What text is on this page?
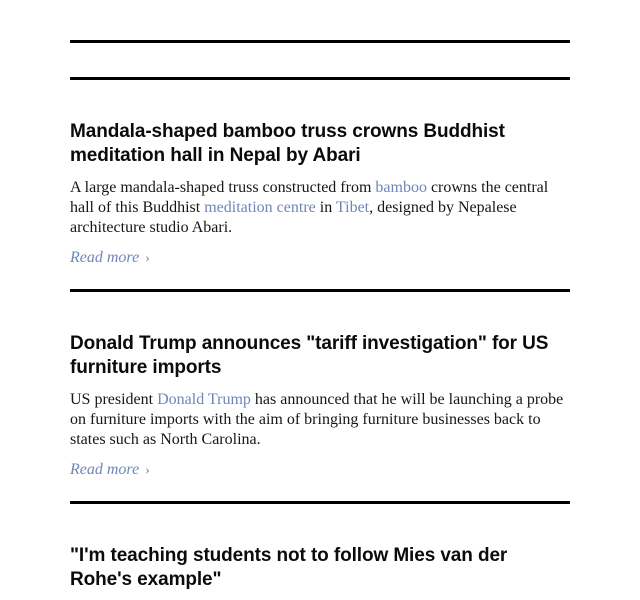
Mandala-shaped bamboo truss crowns Buddhist meditation hall in Nepal by Abari

A large mandala-shaped truss constructed from bamboo crowns the central hall of this Buddhist meditation centre in Tibet, designed by Nepalese architecture studio Abari.

Read more ›
Donald Trump announces "tariff investigation" for US furniture imports

US president Donald Trump has announced that he will be launching a probe on furniture imports with the aim of bringing furniture businesses back to states such as North Carolina.

Read more ›
"I'm teaching students not to follow Mies van der Rohe's example"
